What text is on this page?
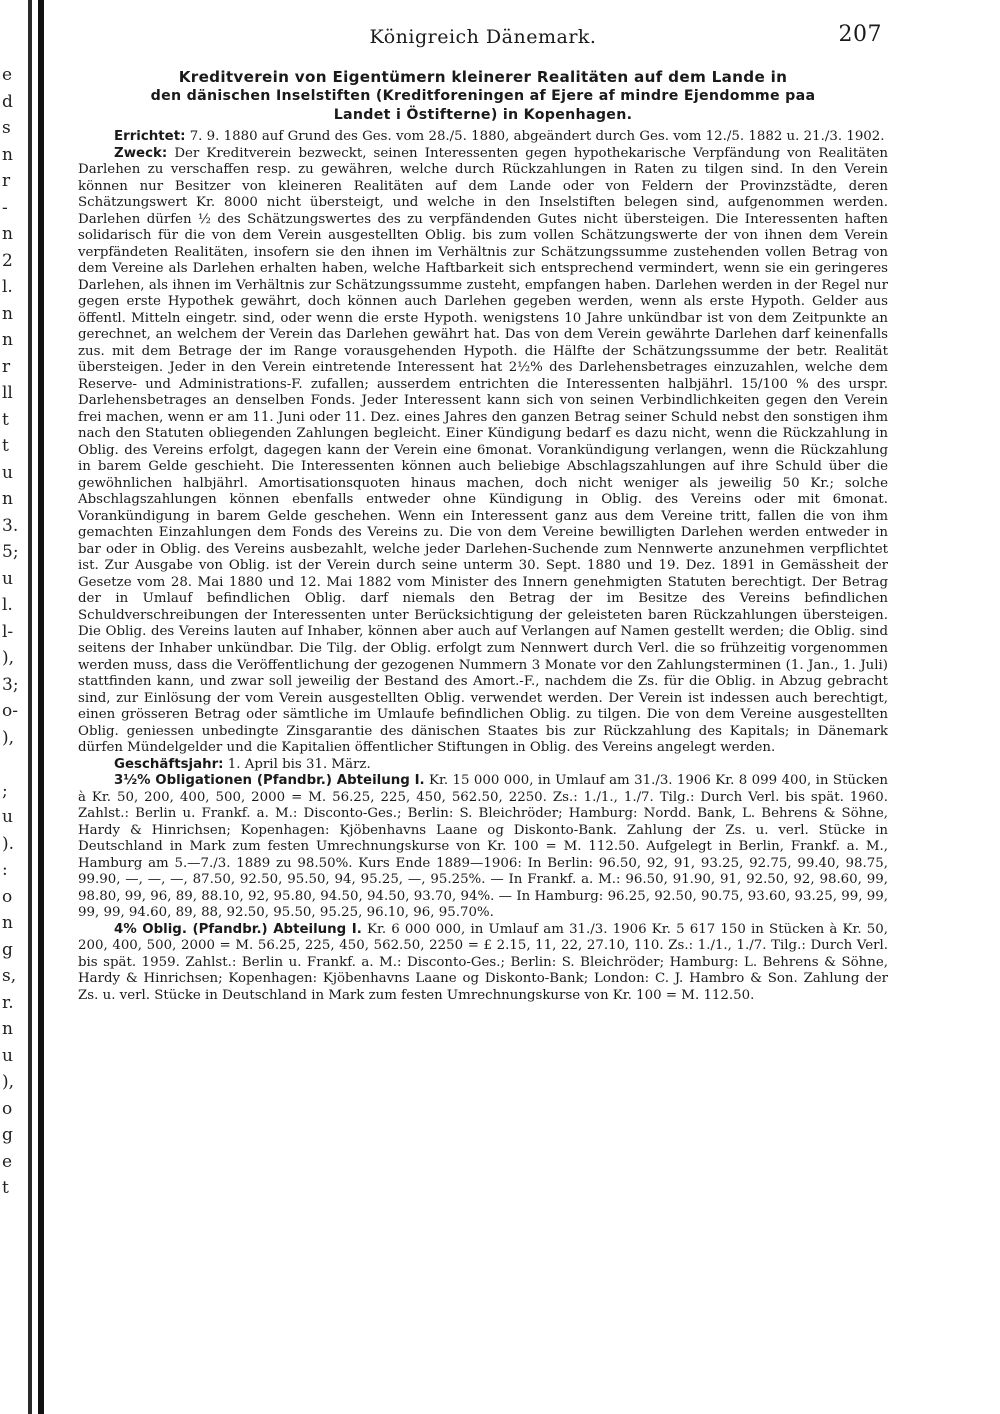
e
d
s
n
r
-
n
2
l.
n
n
r
ll
t
t
u
n
3.
5;
u
l.
l-
),
3;
o-
),

;
u
).
:
o
n
g
s,
r.
n
u
),
o
g
e
t
Königreich Dänemark.	207
Kreditverein von Eigentümern kleinerer Realitäten auf dem Lande in
den dänischen Inselstiften (Kreditforeningen af Ejere af mindre Ejendomme paa
Landet i Östifterne) in Kopenhagen.

Errichtet: 7. 9. 1880 auf Grund des Ges. vom 28./5. 1880, abgeändert durch Ges. vom 12./5. 1882 u. 21./3. 1902.

Zweck: Der Kreditverein bezweckt, seinen Interessenten gegen hypothekarische Verpfändung von Realitäten Darlehen zu verschaffen resp. zu gewähren, welche durch Rückzahlungen in Raten zu tilgen sind. In den Verein können nur Besitzer von kleineren Realitäten auf dem Lande oder von Feldern der Provinzstädte, deren Schätzungswert Kr. 8000 nicht übersteigt, und welche in den Inselstiften belegen sind, aufgenommen werden. Darlehen dürfen ½ des Schätzungswertes des zu verpfändenden Gutes nicht übersteigen. Die Interessenten haften solidarisch für die von dem Verein ausgestellten Oblig. bis zum vollen Schätzungswerte der von ihnen dem Verein verpfändeten Realitäten, insofern sie den ihnen im Verhältnis zur Schätzungssumme zustehenden vollen Betrag von dem Vereine als Darlehen erhalten haben, welche Haftbarkeit sich entsprechend vermindert, wenn sie ein geringeres Darlehen, als ihnen im Verhältnis zur Schätzungssumme zusteht, empfangen haben. Darlehen werden in der Regel nur gegen erste Hypothek gewährt, doch können auch Darlehen gegeben werden, wenn als erste Hypoth. Gelder aus öffentl. Mitteln eingetr. sind, oder wenn die erste Hypoth. wenigstens 10 Jahre unkündbar ist von dem Zeitpunkte an gerechnet, an welchem der Verein das Darlehen gewährt hat. Das von dem Verein gewährte Darlehen darf keinenfalls zus. mit dem Betrage der im Range vorausgehenden Hypoth. die Hälfte der Schätzungssumme der betr. Realität übersteigen. Jeder in den Verein eintretende Interessent hat 2½% des Darlehensbetrages einzuzahlen, welche dem Reserve- und Administrations-F. zufallen; ausserdem entrichten die Interessenten halbjährl. 15/100 % des urspr. Darlehensbetrages an denselben Fonds. Jeder Interessent kann sich von seinen Verbindlichkeiten gegen den Verein frei machen, wenn er am 11. Juni oder 11. Dez. eines Jahres den ganzen Betrag seiner Schuld nebst den sonstigen ihm nach den Statuten obliegenden Zahlungen begleicht. Einer Kündigung bedarf es dazu nicht, wenn die Rückzahlung in Oblig. des Vereins erfolgt, dagegen kann der Verein eine 6monat. Vorankündigung verlangen, wenn die Rückzahlung in barem Gelde geschieht. Die Interessenten können auch beliebige Abschlagszahlungen auf ihre Schuld über die gewöhnlichen halbjährl. Amortisationsquoten hinaus machen, doch nicht weniger als jeweilig 50 Kr.; solche Abschlagszahlungen können ebenfalls entweder ohne Kündigung in Oblig. des Vereins oder mit 6monat. Vorankündigung in barem Gelde geschehen. Wenn ein Interessent ganz aus dem Vereine tritt, fallen die von ihm gemachten Einzahlungen dem Fonds des Vereins zu. Die von dem Vereine bewilligten Darlehen werden entweder in bar oder in Oblig. des Vereins ausbezahlt, welche jeder Darlehen-Suchende zum Nennwerte anzunehmen verpflichtet ist. Zur Ausgabe von Oblig. ist der Verein durch seine unterm 30. Sept. 1880 und 19. Dez. 1891 in Gemässheit der Gesetze vom 28. Mai 1880 und 12. Mai 1882 vom Minister des Innern genehmigten Statuten berechtigt. Der Betrag der in Umlauf befindlichen Oblig. darf niemals den Betrag der im Besitze des Vereins befindlichen Schuldverschreibungen der Interessenten unter Berücksichtigung der geleisteten baren Rückzahlungen übersteigen. Die Oblig. des Vereins lauten auf Inhaber, können aber auch auf Verlangen auf Namen gestellt werden; die Oblig. sind seitens der Inhaber unkündbar. Die Tilg. der Oblig. erfolgt zum Nennwert durch Verl. die so frühzeitig vorgenommen werden muss, dass die Veröffentlichung der gezogenen Nummern 3 Monate vor den Zahlungsterminen (1. Jan., 1. Juli) stattfinden kann, und zwar soll jeweilig der Bestand des Amort.-F., nachdem die Zs. für die Oblig. in Abzug gebracht sind, zur Einlösung der vom Verein ausgestellten Oblig. verwendet werden. Der Verein ist indessen auch berechtigt, einen grösseren Betrag oder sämtliche im Umlaufe befindlichen Oblig. zu tilgen. Die von dem Vereine ausgestellten Oblig. geniessen unbedingte Zinsgarantie des dänischen Staates bis zur Rückzahlung des Kapitals; in Dänemark dürfen Mündelgelder und die Kapitalien öffentlicher Stiftungen in Oblig. des Vereins angelegt werden.

Geschäftsjahr: 1. April bis 31. März.

3½% Obligationen (Pfandbr.) Abteilung I. Kr. 15 000 000, in Umlauf am 31./3. 1906 Kr. 8 099 400, in Stücken à Kr. 50, 200, 400, 500, 2000 = M. 56.25, 225, 450, 562.50, 2250. Zs.: 1./1., 1./7. Tilg.: Durch Verl. bis spät. 1960. Zahlst.: Berlin u. Frankf. a. M.: Disconto-Ges.; Berlin: S. Bleichröder; Hamburg: Nordd. Bank, L. Behrens & Söhne, Hardy & Hinrichsen; Kopenhagen: Kjöbenhavns Laane og Diskonto-Bank. Zahlung der Zs. u. verl. Stücke in Deutschland in Mark zum festen Umrechnungskurse von Kr. 100 = M. 112.50. Aufgelegt in Berlin, Frankf. a. M., Hamburg am 5.—7./3. 1889 zu 98.50%. Kurs Ende 1889—1906: In Berlin: 96.50, 92, 91, 93.25, 92.75, 99.40, 98.75, 99.90, —, —, —, 87.50, 92.50, 95.50, 94, 95.25, —, 95.25%. — In Frankf. a. M.: 96.50, 91.90, 91, 92.50, 92, 98.60, 99, 98.80, 99, 96, 89, 88.10, 92, 95.80, 94.50, 94.50, 93.70, 94%. — In Hamburg: 96.25, 92.50, 90.75, 93.60, 93.25, 99, 99, 99, 99, 94.60, 89, 88, 92.50, 95.50, 95.25, 96.10, 96, 95.70%.

4% Oblig. (Pfandbr.) Abteilung I. Kr. 6 000 000, in Umlauf am 31./3. 1906 Kr. 5 617 150 in Stücken à Kr. 50, 200, 400, 500, 2000 = M. 56.25, 225, 450, 562.50, 2250 = £ 2.15, 11, 22, 27.10, 110. Zs.: 1./1., 1./7. Tilg.: Durch Verl. bis spät. 1959. Zahlst.: Berlin u. Frankf. a. M.: Disconto-Ges.; Berlin: S. Bleichröder; Hamburg: L. Behrens & Söhne, Hardy & Hinrichsen; Kopenhagen: Kjöbenhavns Laane og Diskonto-Bank; London: C. J. Hambro & Son. Zahlung der Zs. u. verl. Stücke in Deutschland in Mark zum festen Umrechnungskurse von Kr. 100 = M. 112.50.
